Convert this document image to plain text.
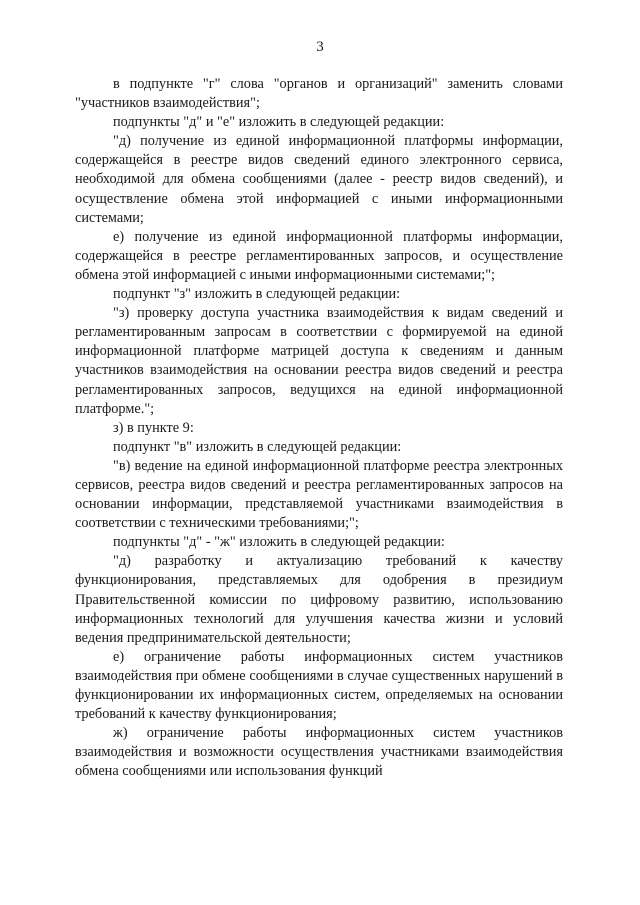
3

в подпункте "г" слова "органов и организаций" заменить словами "участников взаимодействия";

подпункты "д" и "е" изложить в следующей редакции:

"д) получение из единой информационной платформы информации, содержащейся в реестре видов сведений единого электронного сервиса, необходимой для обмена сообщениями (далее - реестр видов сведений), и осуществление обмена этой информацией с иными информационными системами;

е) получение из единой информационной платформы информации, содержащейся в реестре регламентированных запросов, и осуществление обмена этой информацией с иными информационными системами;";

подпункт "з" изложить в следующей редакции:

"з) проверку доступа участника взаимодействия к видам сведений и регламентированным запросам в соответствии с формируемой на единой информационной платформе матрицей доступа к сведениям и данным участников взаимодействия на основании реестра видов сведений и реестра регламентированных запросов, ведущихся на единой информационной платформе.";

з) в пункте 9:

подпункт "в" изложить в следующей редакции:

"в) ведение на единой информационной платформе реестра электронных сервисов, реестра видов сведений и реестра регламентированных запросов на основании информации, представляемой участниками взаимодействия в соответствии с техническими требованиями;";

подпункты "д" - "ж" изложить в следующей редакции:

"д) разработку и актуализацию требований к качеству функционирования, представляемых для одобрения в президиум Правительственной комиссии по цифровому развитию, использованию информационных технологий для улучшения качества жизни и условий ведения предпринимательской деятельности;

е) ограничение работы информационных систем участников взаимодействия при обмене сообщениями в случае существенных нарушений в функционировании их информационных систем, определяемых на основании требований к качеству функционирования;

ж) ограничение работы информационных систем участников взаимодействия и возможности осуществления участниками взаимодействия обмена сообщениями или использования функций
